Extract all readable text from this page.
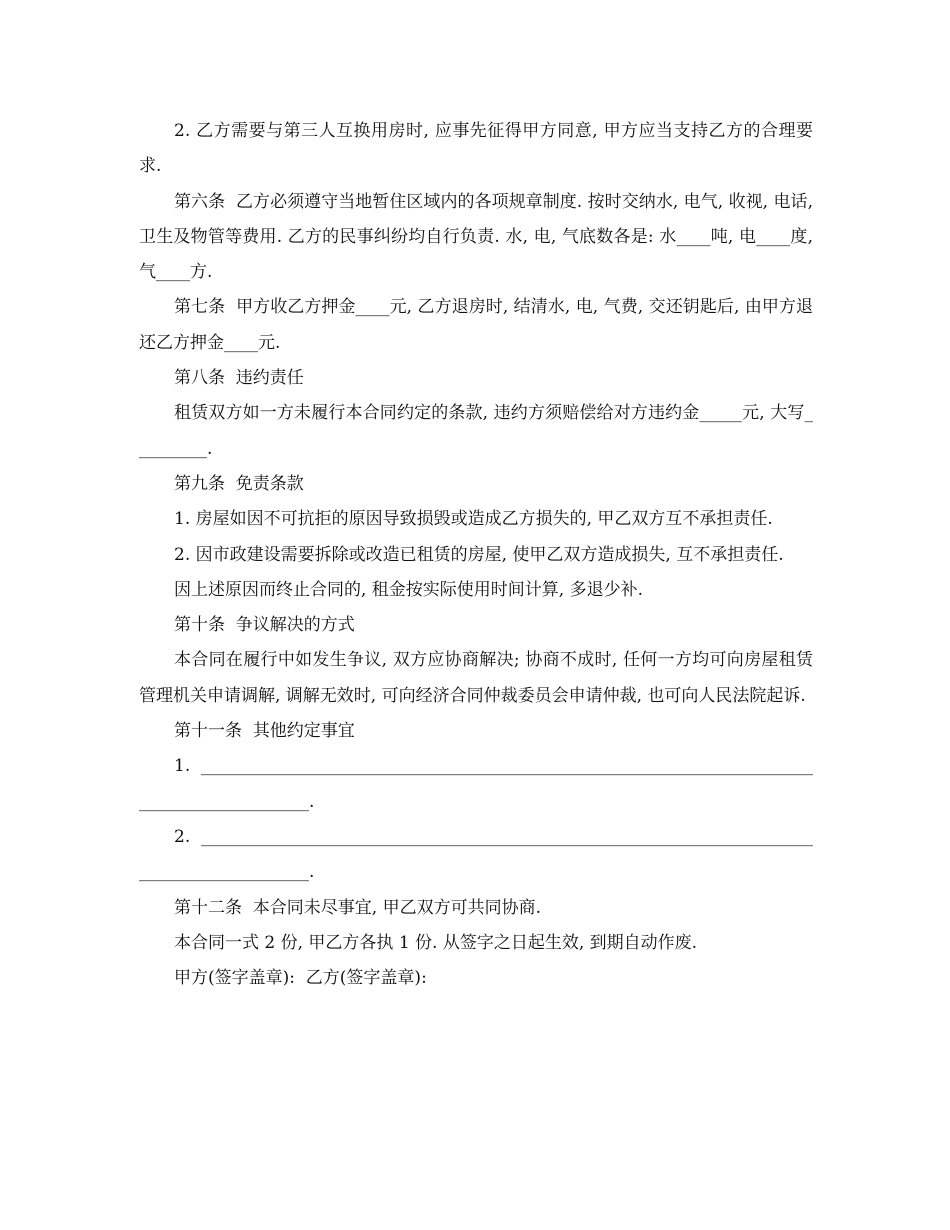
2. 乙方需要与第三人互换用房时, 应事先征得甲方同意, 甲方应当支持乙方的合理要求.

第六条  乙方必须遵守当地暂住区域内的各项规章制度. 按时交纳水, 电气, 收视, 电话, 卫生及物管等费用. 乙方的民事纠纷均自行负责. 水, 电, 气底数各是: 水____吨, 电____度, 气____方.

第七条  甲方收乙方押金____元, 乙方退房时, 结清水, 电, 气费, 交还钥匙后, 由甲方退还乙方押金____元.

第八条  违约责任

租赁双方如一方未履行本合同约定的条款, 违约方须赔偿给对方违约金_____元, 大写_________.

第九条  免责条款

1. 房屋如因不可抗拒的原因导致损毁或造成乙方损失的, 甲乙双方互不承担责任.

2. 因市政建设需要拆除或改造已租赁的房屋, 使甲乙双方造成损失, 互不承担责任.

因上述原因而终止合同的, 租金按实际使用时间计算, 多退少补.

第十条  争议解决的方式

本合同在履行中如发生争议, 双方应协商解决; 协商不成时, 任何一方均可向房屋租赁管理机关申请调解, 调解无效时, 可向经济合同仲裁委员会申请仲裁, 也可向人民法院起诉.

第十一条  其他约定事宜

1. ____________________________________________________________________________________________.

2. ____________________________________________________________________________________________.

第十二条  本合同未尽事宜, 甲乙双方可共同协商.

本合同一式 2 份, 甲乙方各执 1 份. 从签字之日起生效, 到期自动作废.

甲方(签字盖章):  乙方(签字盖章):
